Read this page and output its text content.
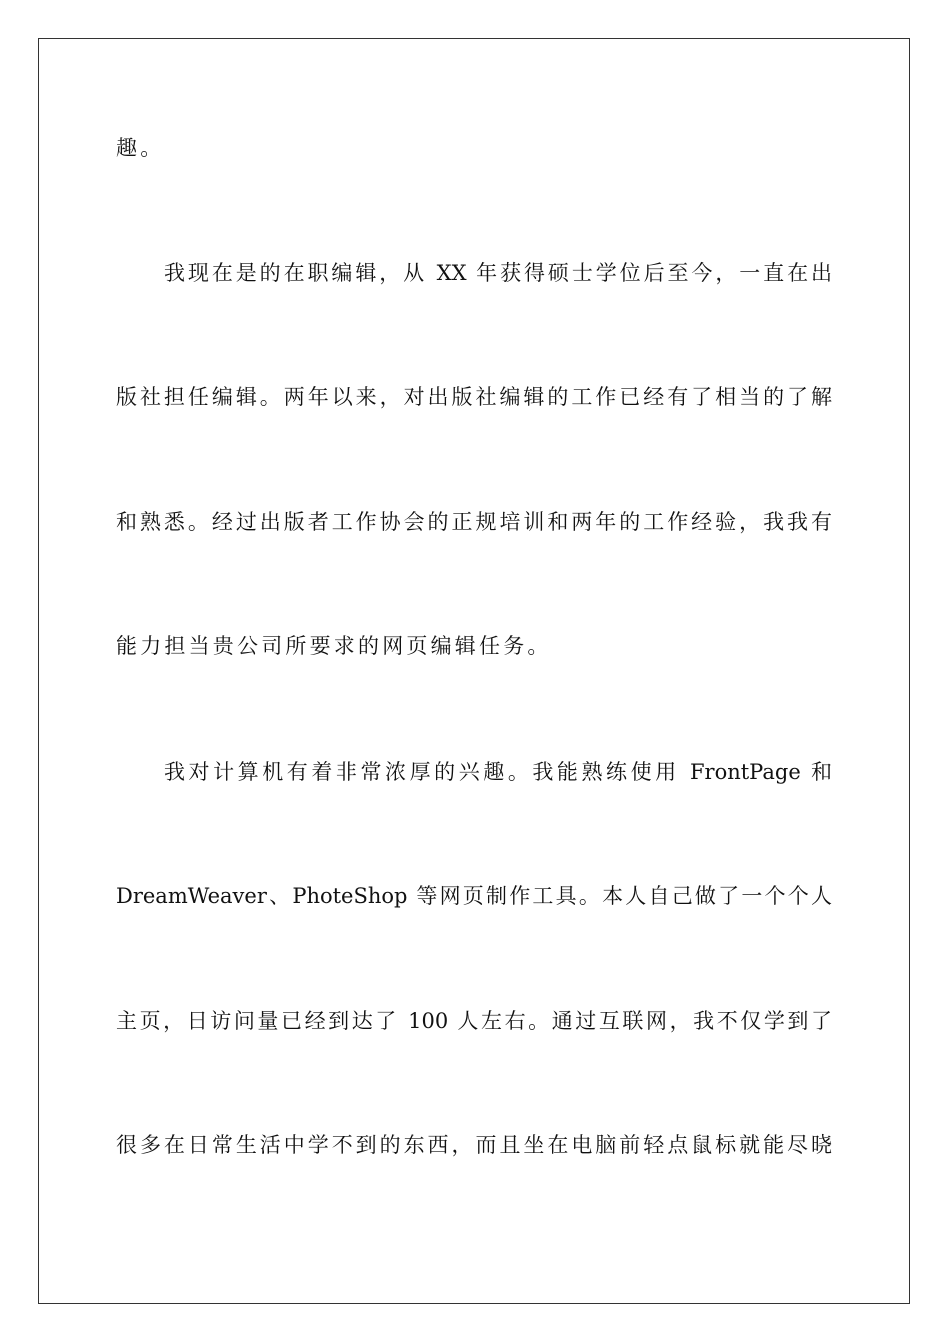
趣。
我现在是的在职编辑，从 XX 年获得硕士学位后至今，一直在出
版社担任编辑。两年以来，对出版社编辑的工作已经有了相当的了解
和熟悉。经过出版者工作协会的正规培训和两年的工作经验，我我有
能力担当贵公司所要求的网页编辑任务。
我对计算机有着非常浓厚的兴趣。我能熟练使用 FrontPage 和
DreamWeaver、PhoteShop 等网页制作工具。本人自己做了一个个人
主页，日访问量已经到达了 100 人左右。通过互联网，我不仅学到了
很多在日常生活中学不到的东西，而且坐在电脑前轻点鼠标就能尽晓
